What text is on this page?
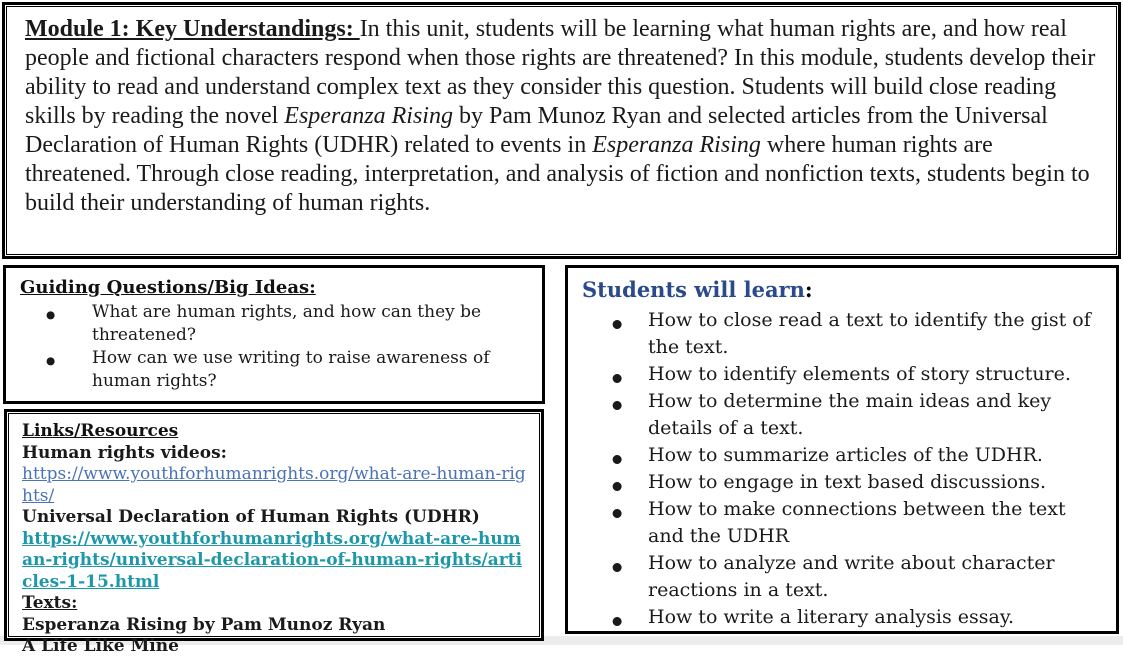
Module 1: Key Understandings: In this unit, students will be learning what human rights are, and how real people and fictional characters respond when those rights are threatened? In this module, students develop their ability to read and understand complex text as they consider this question. Students will build close reading skills by reading the novel Esperanza Rising by Pam Munoz Ryan and selected articles from the Universal Declaration of Human Rights (UDHR) related to events in Esperanza Rising where human rights are threatened. Through close reading, interpretation, and analysis of fiction and nonfiction texts, students begin to build their understanding of human rights.

Guiding Questions/Big Ideas:
● What are human rights, and how can they be threatened?
● How can we use writing to raise awareness of human rights?
Links/Resources

Human rights videos:

https://www.youthforhumanrights.org/what-are-human-rights/

Universal Declaration of Human Rights (UDHR)

https://www.youthforhumanrights.org/what-are-human-rights/universal-declaration-of-human-rights/articles-1-15.html

Texts:

Esperanza Rising by Pam Munoz Ryan

A Life Like Mine

Students will learn:
● How to close read a text to identify the gist of the text.
● How to identify elements of story structure.
● How to determine the main ideas and key details of a text.
● How to summarize articles of the UDHR.
● How to engage in text based discussions.
● How to make connections between the text and the UDHR
● How to analyze and write about character reactions in a text.
● How to write a literary analysis essay.
